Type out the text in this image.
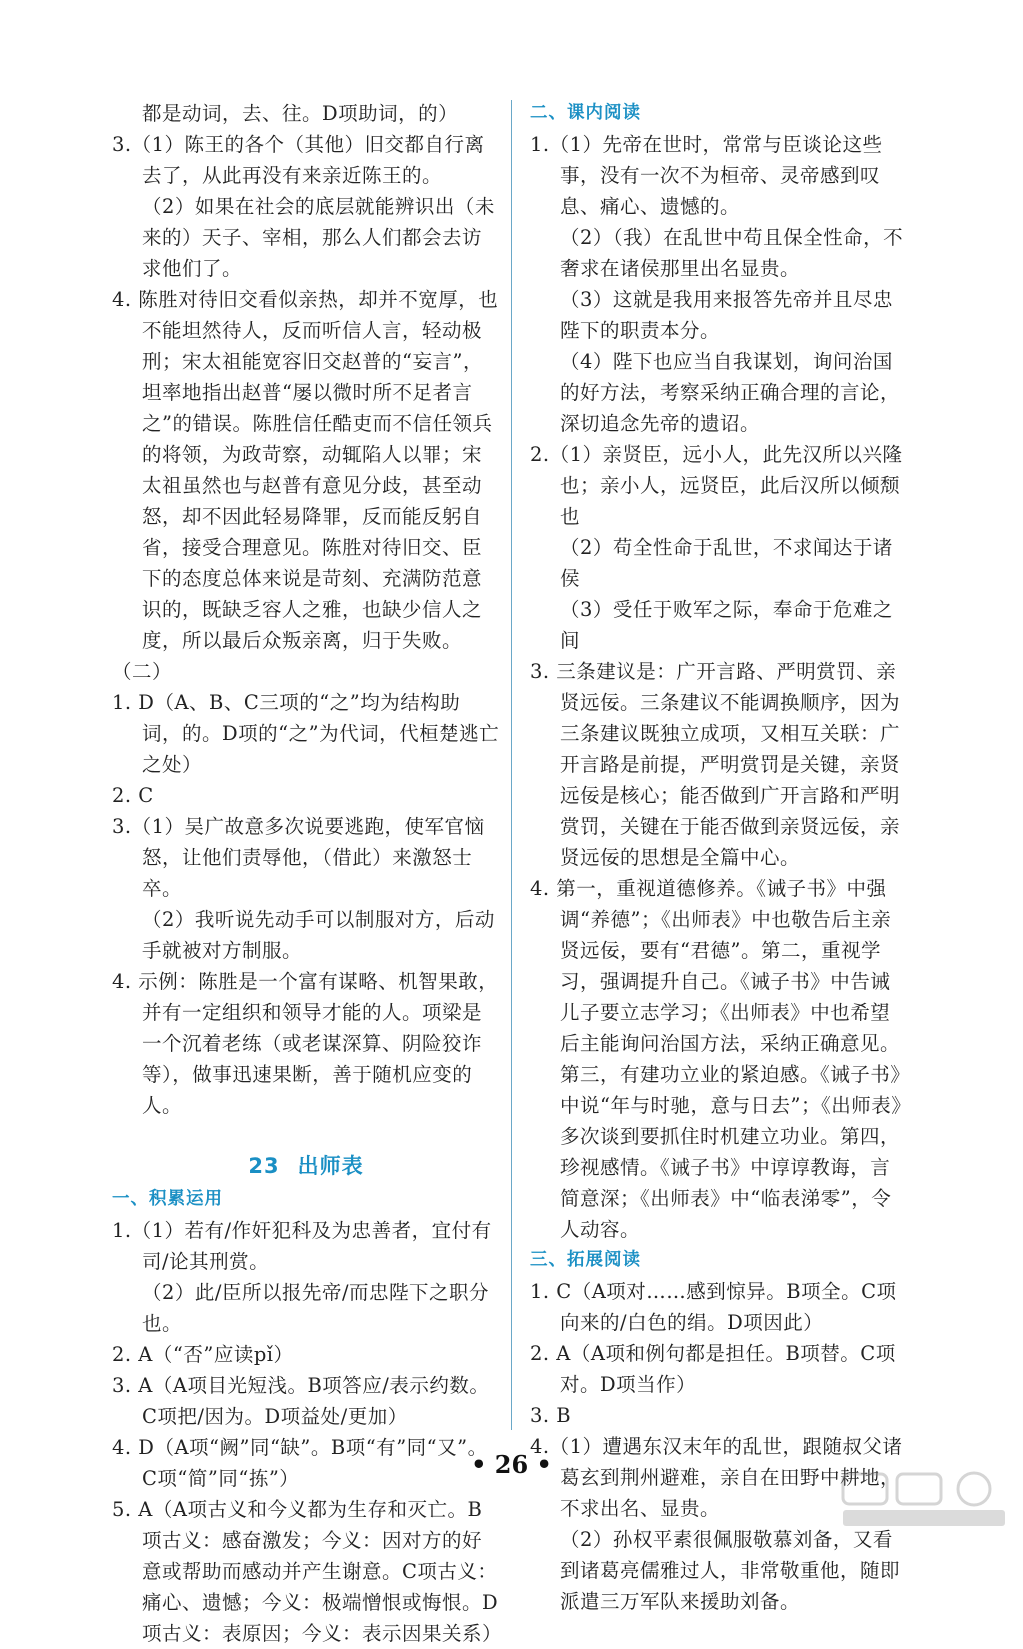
都是动词，去、往。D项助词，的）
3.（1）陈王的各个（其他）旧交都自行离去了，从此再没有来亲近陈王的。
（2）如果在社会的底层就能辨识出（未来的）天子、宰相，那么人们都会去访求他们了。
4. 陈胜对待旧交看似亲热，却并不宽厚，也不能坦然待人，反而听信人言，轻动极刑；宋太祖能宽容旧交赵普的“妄言”，坦率地指出赵普“屡以微时所不足者言之”的错误。陈胜信任酷吏而不信任领兵的将领，为政苛察，动辄陷人以罪；宋太祖虽然也与赵普有意见分歧，甚至动怒，却不因此轻易降罪，反而能反躬自省，接受合理意见。陈胜对待旧交、臣下的态度总体来说是苛刻、充满防范意识的，既缺乏容人之雅，也缺少信人之度，所以最后众叛亲离，归于失败。
（二）
1. D（A、B、C三项的“之”均为结构助词，的。D项的“之”为代词，代桓楚逃亡之处）
2. C
3.（1）吴广故意多次说要逃跑，使军官恼怒，让他们责辱他，（借此）来激怒士卒。
（2）我听说先动手可以制服对方，后动手就被对方制服。
4. 示例：陈胜是一个富有谋略、机智果敢，并有一定组织和领导才能的人。项梁是一个沉着老练（或老谋深算、阴险狡诈等），做事迅速果断，善于随机应变的人。
23 出师表
一、积累运用
1.（1）若有/作奸犯科及为忠善者，宜付有司/论其刑赏。
（2）此/臣所以报先帝/而忠陛下之职分也。
2. A（“否”应读pǐ）
3. A（A项目光短浅。B项答应/表示约数。C项把/因为。D项益处/更加）
4. D（A项“阙”同“缺”。B项“有”同“又”。C项“简”同“拣”）
5. A（A项古义和今义都为生存和灭亡。B项古义：感奋激发；今义：因对方的好意或帮助而感动并产生谢意。C项古义：痛心、遗憾；今义：极端憎恨或悔恨。D项古义：表原因；今义：表示因果关系）
二、课内阅读
1.（1）先帝在世时，常常与臣谈论这些事，没有一次不为桓帝、灵帝感到叹息、痛心、遗憾的。
（2）（我）在乱世中苟且保全性命，不奢求在诸侯那里出名显贵。
（3）这就是我用来报答先帝并且尽忠陛下的职责本分。
（4）陛下也应当自我谋划，询问治国的好方法，考察采纳正确合理的言论，深切追念先帝的遗诏。
2.（1）亲贤臣，远小人，此先汉所以兴隆也；亲小人，远贤臣，此后汉所以倾颓也
（2）苟全性命于乱世，不求闻达于诸侯
（3）受任于败军之际，奉命于危难之间
3. 三条建议是：广开言路、严明赏罚、亲贤远佞。三条建议不能调换顺序，因为三条建议既独立成项，又相互关联：广开言路是前提，严明赏罚是关键，亲贤远佞是核心；能否做到广开言路和严明赏罚，关键在于能否做到亲贤远佞，亲贤远佞的思想是全篇中心。
4. 第一，重视道德修养。《诫子书》中强调“养德”；《出师表》中也敬告后主亲贤远佞，要有“君德”。第二，重视学习，强调提升自己。《诫子书》中告诫儿子要立志学习；《出师表》中也希望后主能询问治国方法，采纳正确意见。第三，有建功立业的紧迫感。《诫子书》中说“年与时驰，意与日去”；《出师表》多次谈到要抓住时机建立功业。第四，珍视感情。《诫子书》中谆谆教诲，言简意深；《出师表》中“临表涕零”，令人动容。
三、拓展阅读
1. C（A项对……感到惊异。B项全。C项向来的/白色的绢。D项因此）
2. A（A项和例句都是担任。B项替。C项对。D项当作）
3. B
4.（1）遭遇东汉末年的乱世，跟随叔父诸葛玄到荆州避难，亲自在田野中耕地，不求出名、显贵。
（2）孙权平素很佩服敬慕刘备，又看到诸葛亮儒雅过人，非常敬重他，随即派遣三万军队来援助刘备。
• 26 •
